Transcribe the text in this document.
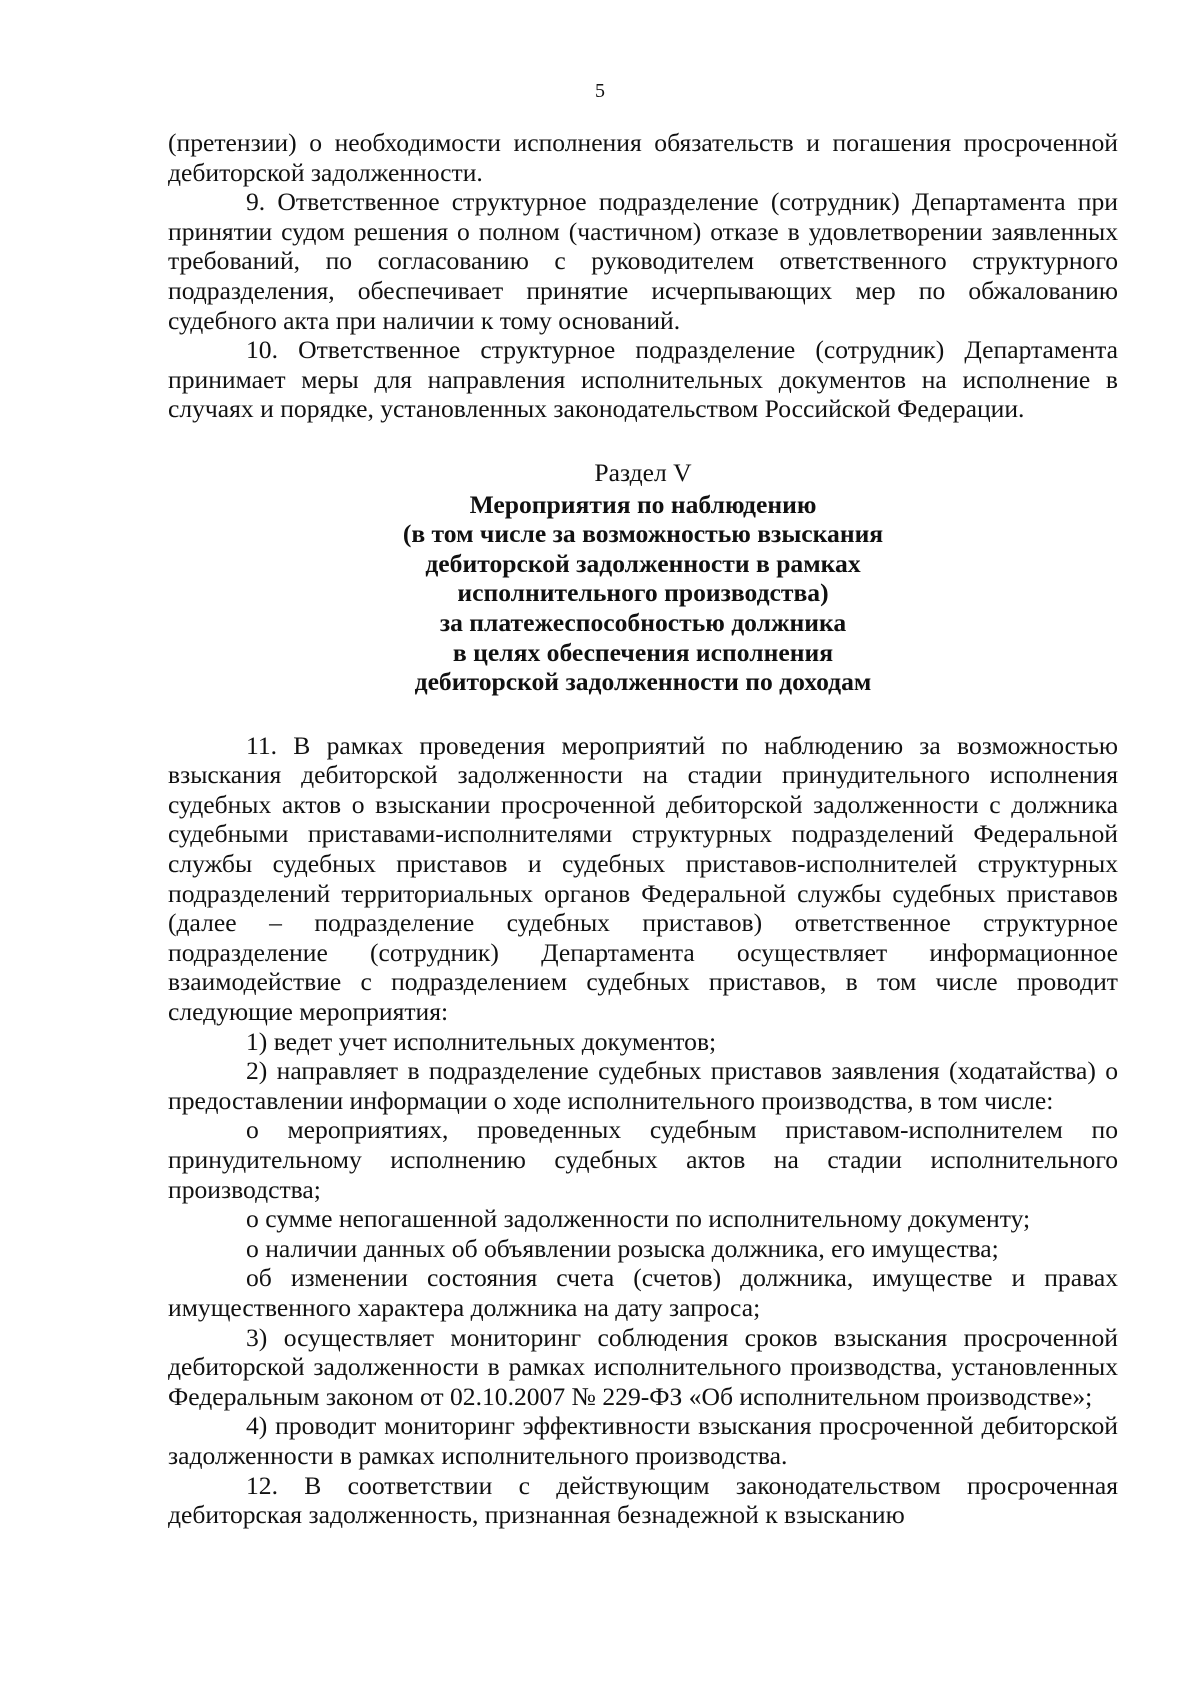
5

(претензии) о необходимости исполнения обязательств и погашения просроченной дебиторской задолженности.

9. Ответственное структурное подразделение (сотрудник) Департамента при принятии судом решения о полном (частичном) отказе в удовлетворении заявленных требований, по согласованию с руководителем ответственного структурного подразделения, обеспечивает принятие исчерпывающих мер по обжалованию судебного акта при наличии к тому оснований.

10. Ответственное структурное подразделение (сотрудник) Департамента принимает меры для направления исполнительных документов на исполнение в случаях и порядке, установленных законодательством Российской Федерации.

Раздел V
Мероприятия по наблюдению
(в том числе за возможностью взыскания
дебиторской задолженности в рамках
исполнительного производства)
за платежеспособностью должника
в целях обеспечения исполнения
дебиторской задолженности по доходам

11. В рамках проведения мероприятий по наблюдению за возможностью взыскания дебиторской задолженности на стадии принудительного исполнения судебных актов о взыскании просроченной дебиторской задолженности с должника судебными приставами-исполнителями структурных подразделений Федеральной службы судебных приставов и судебных приставов-исполнителей структурных подразделений территориальных органов Федеральной службы судебных приставов (далее – подразделение судебных приставов) ответственное структурное подразделение (сотрудник) Департамента осуществляет информационное взаимодействие с подразделением судебных приставов, в том числе проводит следующие мероприятия:

1) ведет учет исполнительных документов;

2) направляет в подразделение судебных приставов заявления (ходатайства) о предоставлении информации о ходе исполнительного производства, в том числе:

о мероприятиях, проведенных судебным приставом-исполнителем по принудительному исполнению судебных актов на стадии исполнительного производства;

о сумме непогашенной задолженности по исполнительному документу;

о наличии данных об объявлении розыска должника, его имущества;

об изменении состояния счета (счетов) должника, имуществе и правах имущественного характера должника на дату запроса;

3) осуществляет мониторинг соблюдения сроков взыскания просроченной дебиторской задолженности в рамках исполнительного производства, установленных Федеральным законом от 02.10.2007 № 229-ФЗ «Об исполнительном производстве»;

4) проводит мониторинг эффективности взыскания просроченной дебиторской задолженности в рамках исполнительного производства.

12. В соответствии с действующим законодательством просроченная дебиторская задолженность, признанная безнадежной к взысканию
